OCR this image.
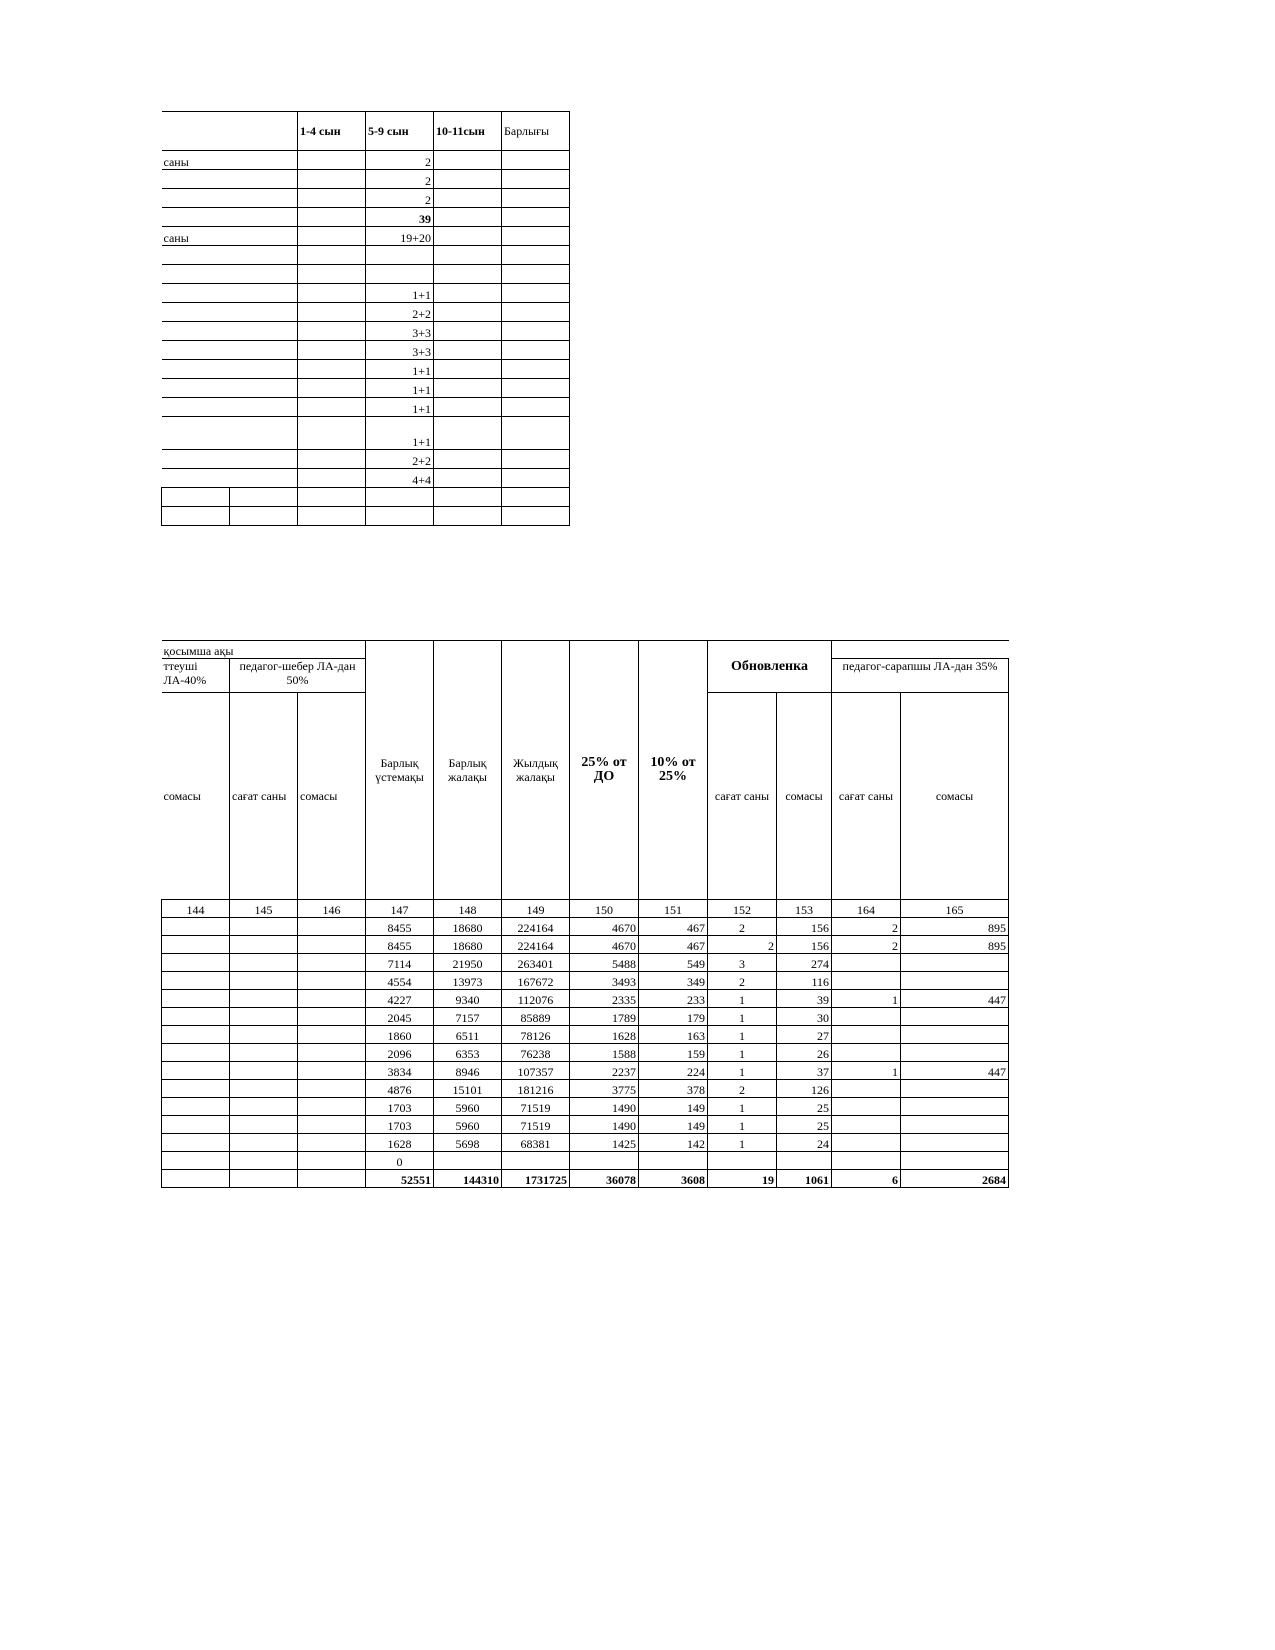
		1-4 сын	5-9 сын	10-11сын	Барлығы
саны			2		
			2		
			2		
			39		
саны			19+20		

			1+1		
			2+2		
			3+3		
			3+3		
			1+1		
			1+1		
			1+1		
			1+1		
			2+2		
			4+4		

қосымша ақы			Барлық үстемақы	Барлық жалақы	Жылдық жалақы	25% от ДО	10% от 25%	Обновленка			
ттеуші ЛА-40%	педагог-шебер ЛА-дан 50%									педагог-сарапшы ЛА-дан 35%	
сомасы	сағат саны	сомасы						сағат саны	сомасы	сағат саны	сомасы
144	145	146	147	148	149	150	151	152	153	164	165
			8455	18680	224164	4670	467	2	156	2	895
			8455	18680	224164	4670	467	2	156	2	895
			7114	21950	263401	5488	549	3	274		
			4554	13973	167672	3493	349	2	116		
			4227	9340	112076	2335	233	1	39	1	447
			2045	7157	85889	1789	179	1	30		
			1860	6511	78126	1628	163	1	27		
			2096	6353	76238	1588	159	1	26		
			3834	8946	107357	2237	224	1	37	1	447
			4876	15101	181216	3775	378	2	126		
			1703	5960	71519	1490	149	1	25		
			1703	5960	71519	1490	149	1	25		
			1628	5698	68381	1425	142	1	24		
			0								
			52551	144310	1731725	36078	3608	19	1061	6	2684
